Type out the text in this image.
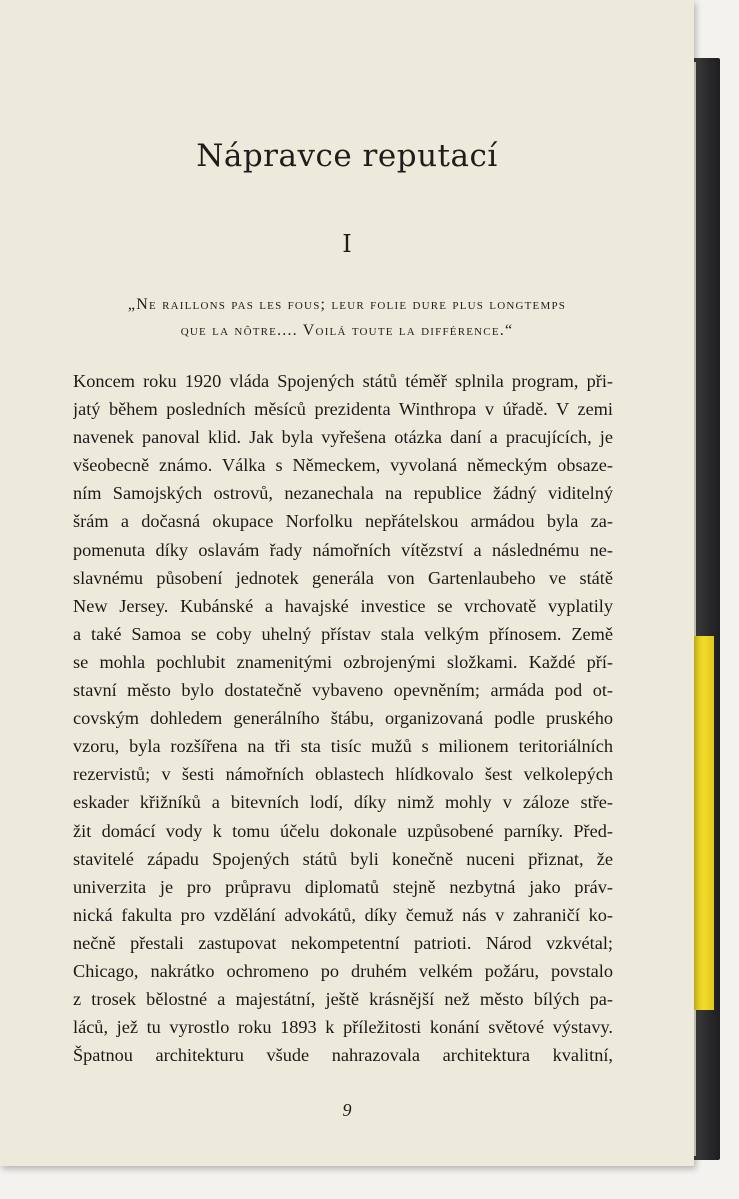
Nápravce reputací
I
„Ne raillons pas les fous; leur folie dure plus longtemps
que la nôtre.... Voilá toute la différence.“
Koncem roku 1920 vláda Spojených států téměř splnila program, při-
jatý během posledních měsíců prezidenta Winthropa v úřadě. V zemi
navenek panoval klid. Jak byla vyřešena otázka daní a pracujících, je
všeobecně známo. Válka s Německem, vyvolaná německým obsaze-
ním Samojských ostrovů, nezanechala na republice žádný viditelný
šrám a dočasná okupace Norfolku nepřátelskou armádou byla za-
pomenuta díky oslavám řady námořních vítězství a následnému ne-
slavnému působení jednotek generála von Gartenlaubeho ve státě
New Jersey. Kubánské a havajské investice se vrchovatě vyplatily
a také Samoa se coby uhelný přístav stala velkým přínosem. Země
se mohla pochlubit znamenitými ozbrojenými složkami. Každé pří-
stavní město bylo dostatečně vybaveno opevněním; armáda pod ot-
covským dohledem generálního štábu, organizovaná podle pruského
vzoru, byla rozšířena na tři sta tisíc mužů s milionem teritoriálních
rezervistů; v šesti námořních oblastech hlídkovalo šest velkolepých
eskader křižníků a bitevních lodí, díky nimž mohly v záloze stře-
žit domácí vody k tomu účelu dokonale uzpůsobené parníky. Před-
stavitelé západu Spojených států byli konečně nuceni přiznat, že
univerzita je pro průpravu diplomatů stejně nezbytná jako práv-
nická fakulta pro vzdělání advokátů, díky čemuž nás v zahraničí ko-
nečně přestali zastupovat nekompetentní patrioti. Národ vzkvétal;
Chicago, nakrátko ochromeno po druhém velkém požáru, povstalo
z trosek bělostné a majestátní, ještě krásnější než město bílých pa-
láců, jež tu vyrostlo roku 1893 k příležitosti konání světové výstavy.
Špatnou architekturu všude nahrazovala architektura kvalitní,
9
